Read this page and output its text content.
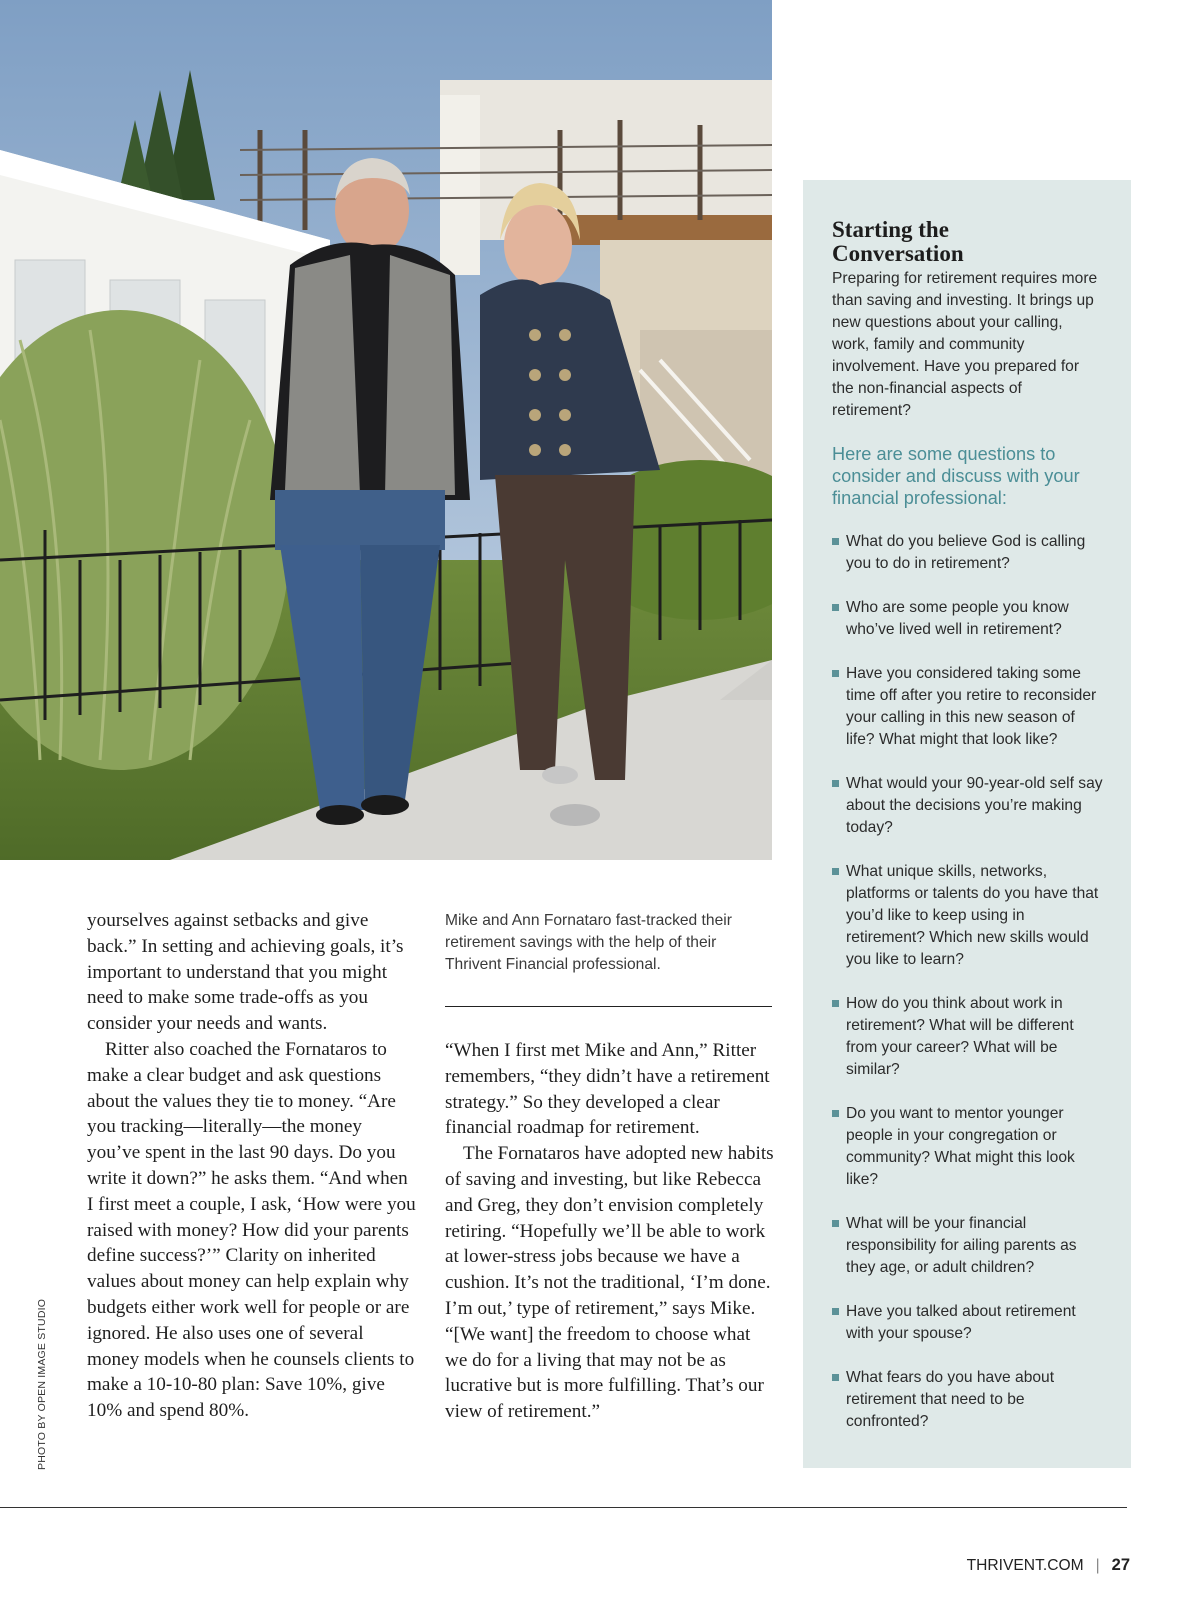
PHOTO BY OPEN IMAGE STUDIO

yourselves against setbacks and give back.” In setting and achieving goals, it’s important to understand that you might need to make some trade-offs as you consider your needs and wants.

Ritter also coached the Fornataros to make a clear budget and ask questions about the values they tie to money. “Are you tracking—literally—the money you’ve spent in the last 90 days. Do you write it down?” he asks them. “And when I first meet a couple, I ask, ‘How were you raised with money? How did your parents define success?’” Clarity on inherited values about money can help explain why budgets either work well for people or are ignored. He also uses one of several money models when he counsels clients to make a 10-10-80 plan: Save 10%, give 10% and spend 80%.

Mike and Ann Fornataro fast-tracked their retirement savings with the help of their Thrivent Financial professional.

“When I first met Mike and Ann,” Ritter remembers, “they didn’t have a retirement strategy.” So they developed a clear financial roadmap for retirement.

The Fornataros have adopted new habits of saving and investing, but like Rebecca and Greg, they don’t envision completely retiring. “Hopefully we’ll be able to work at lower-stress jobs because we have a cushion. It’s not the traditional, ‘I’m done. I’m out,’ type of retirement,” says Mike. “[We want] the freedom to choose what we do for a living that may not be as lucrative but is more fulfilling. That’s our view of retirement.”

Starting the
Conversation
Preparing for retirement requires more than saving and investing. It brings up new questions about your calling, work, family and community involvement. Have you prepared for the non-financial aspects of retirement?
Here are some questions to consider and discuss with your financial professional:
What do you believe God is calling you to do in retirement?
Who are some people you know who’ve lived well in retirement?
Have you considered taking some time off after you retire to reconsider your calling in this new season of life? What might that look like?
What would your 90-year-old self say about the decisions you’re making today?
What unique skills, networks, platforms or talents do you have that you’d like to keep using in retirement? Which new skills would you like to learn?
How do you think about work in retirement? What will be different from your career? What will be similar?
Do you want to mentor younger people in your congregation or community? What might this look like?
What will be your financial responsibility for ailing parents as they age, or adult children?
Have you talked about retirement with your spouse?
What fears do you have about retirement that need to be confronted?
THRIVENT.COM | 27
